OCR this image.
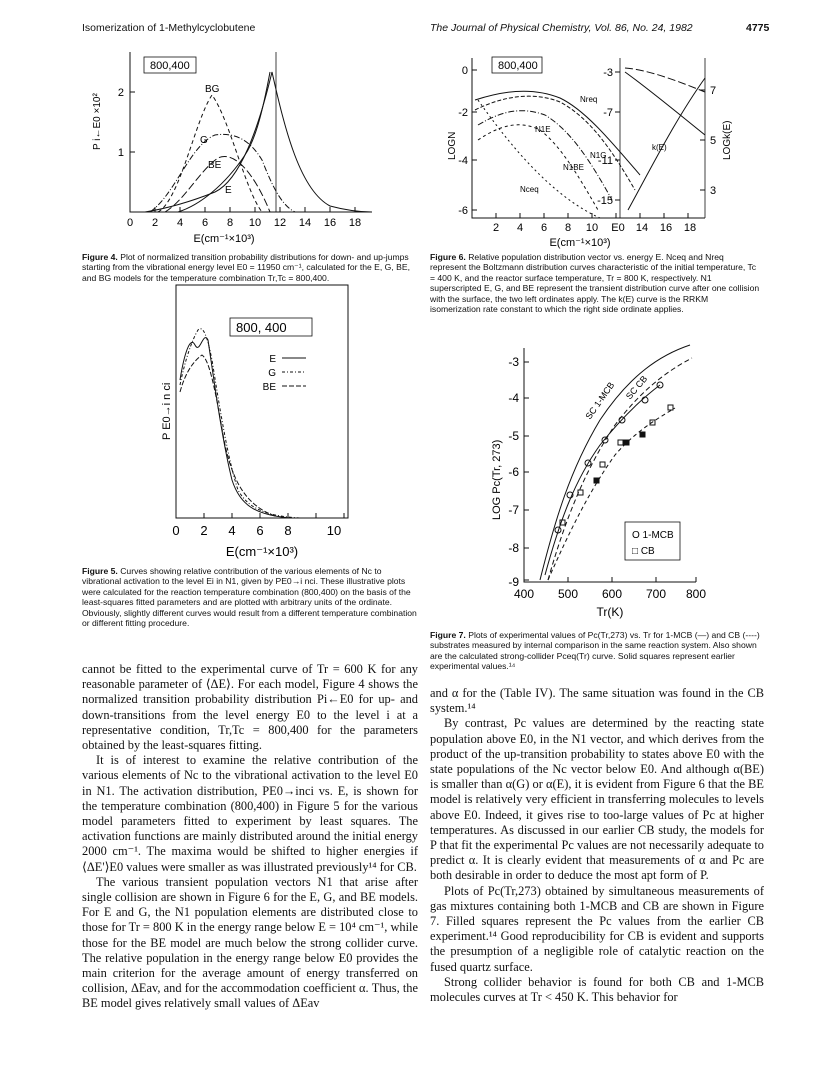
Isomerization of 1-Methylcyclobutene	The Journal of Physical Chemistry, Vol. 86, No. 24, 1982	4775
800,400
2
1
P i←E0 ×10²
BG
G
BE
E
0 2 4 6 8 10 12 14 16 18
E(cm⁻¹×10³)
800, 400
E
G
BE
P E0→i n ci
0 2 4 6 8	10
E(cm⁻¹×10³)
800,400
0
-2
-4
-6
-3
-7
-11
-15
7
5
3
LOGN	LOGk(E)
Nreq
N1E
N1G
N1BE
Nceq
k(E)
2 4 6 8 10 E0 14 16 18
E(cm⁻¹×10³)
-3
-4
-5
-6
-7
-8
-9
LOG Pc(Tr, 273)
SC 1-MCB SC CB
O 1-MCB
□ CB
400 500 600 700 800
Tr(K)
Figure 4. Plot of normalized transition probability distributions for down- and up-jumps starting from the vibrational energy level E0 = 11950 cm⁻¹, calculated for the E, G, BE, and BG models for the temperature combination Tr,Tc = 800,400.
Figure 5. Curves showing relative contribution of the various elements of Nc to vibrational activation to the level Ei in N1, given by PE0→i nci. These illustrative plots were calculated for the reaction temperature combination (800,400) on the basis of the least-squares fitted parameters and are plotted with arbitrary units of the ordinate. Obviously, slightly different curves would result from a different temperature combination or different fitting procedure.
Figure 6. Relative population distribution vector vs. energy E. Nceq and Nreq represent the Boltzmann distribution curves characteristic of the initial temperature, Tc = 400 K, and the reactor surface temperature, Tr = 800 K, respectively. N1 superscripted E, G, and BE represent the transient distribution curve after one collision with the surface, the two left ordinates apply. The k(E) curve is the RRKM isomerization rate constant to which the right side ordinate applies.
Figure 7. Plots of experimental values of Pc(Tr,273) vs. Tr for 1-MCB (—) and CB (----) substrates measured by internal comparison in the same reaction system. Also shown are the calculated strong-collider Pceq(Tr) curve. Solid squares represent earlier experimental values.¹⁴

cannot be fitted to the experimental curve of Tr = 600 K for any reasonable parameter of ⟨ΔE⟩. For each model, Figure 4 shows the normalized transition probability distribution Pi←E0 for up- and down-transitions from the level energy E0 to the level i at a representative condition, Tr,Tc = 800,400 for the parameters obtained by the least-squares fitting.

It is of interest to examine the relative contribution of the various elements of Nc to the vibrational activation to the level E0 in N1. The activation distribution, PE0→inci vs. E, is shown for the temperature combination (800,400) in Figure 5 for the various model parameters fitted to experiment by least squares. The activation functions are mainly distributed around the initial energy 2000 cm⁻¹. The maxima would be shifted to higher energies if ⟨ΔE'⟩E0 values were smaller as was illustrated previously¹⁴ for CB.

The various transient population vectors N1 that arise after single collision are shown in Figure 6 for the E, G, and BE models. For E and G, the N1 population elements are distributed close to those for Tr = 800 K in the energy range below E = 10⁴ cm⁻¹, while those for the BE model are much below the strong collider curve. The relative population in the energy range below E0 provides the main criterion for the average amount of energy transferred on collision, ΔEav, and for the accommodation coefficient α. Thus, the BE model gives relatively small values of ΔEav

and α for the (Table IV). The same situation was found in the CB system.¹⁴

By contrast, Pc values are determined by the reacting state population above E0, in the N1 vector, and which derives from the product of the up-transition probability to states above E0 with the state populations of the Nc vector below E0. And although α(BE) is smaller than α(G) or α(E), it is evident from Figure 6 that the BE model is relatively very efficient in transferring molecules to levels above E0. Indeed, it gives rise to too-large values of Pc at higher temperatures. As discussed in our earlier CB study, the models for P that fit the experimental Pc values are not necessarily adequate to predict α. It is clearly evident that measurements of α and Pc are both desirable in order to deduce the most apt form of P.

Plots of Pc(Tr,273) obtained by simultaneous measurements of gas mixtures containing both 1-MCB and CB are shown in Figure 7. Filled squares represent the Pc values from the earlier CB experiment.¹⁴ Good reproducibility for CB is evident and supports the presumption of a negligible role of catalytic reaction on the fused quartz surface.

Strong collider behavior is found for both CB and 1-MCB molecules curves at Tr < 450 K. This behavior for
